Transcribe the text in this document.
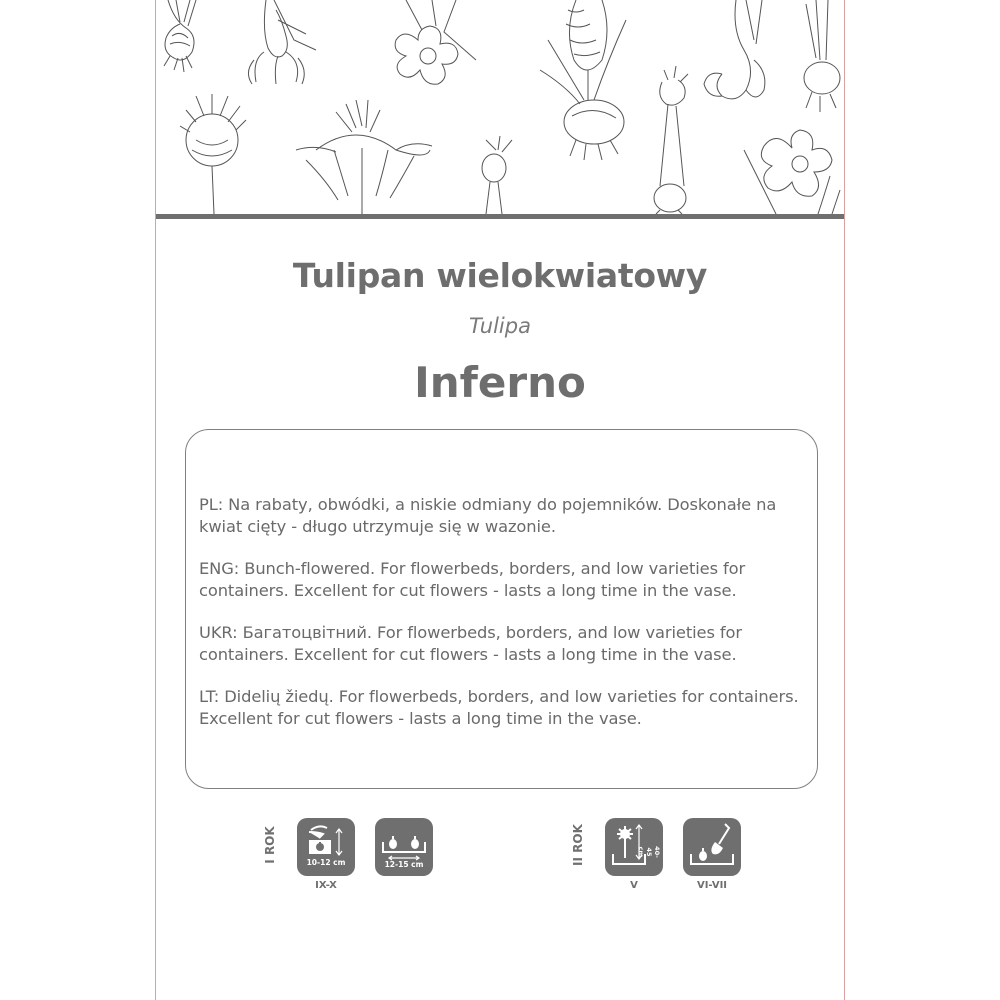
Tulipan wielokwiatowy
Tulipa
Inferno

PL: Na rabaty, obwódki, a niskie odmiany do pojemników. Doskonałe na kwiat cięty - długo utrzymuje się w wazonie.

ENG: Bunch-flowered. For flowerbeds, borders, and low varieties for containers. Excellent for cut flowers - lasts a long time in the vase.

UKR: Багатоцвітний. For flowerbeds, borders, and low varieties for containers. Excellent for cut flowers - lasts a long time in the vase.

LT: Didelių žiedų. For flowerbeds, borders, and low varieties for containers. Excellent for cut flowers - lasts a long time in the vase.

I ROK	10-12 cm	12-15 cm
IX-X
II ROK	40-45 cm
V	VI-VII
